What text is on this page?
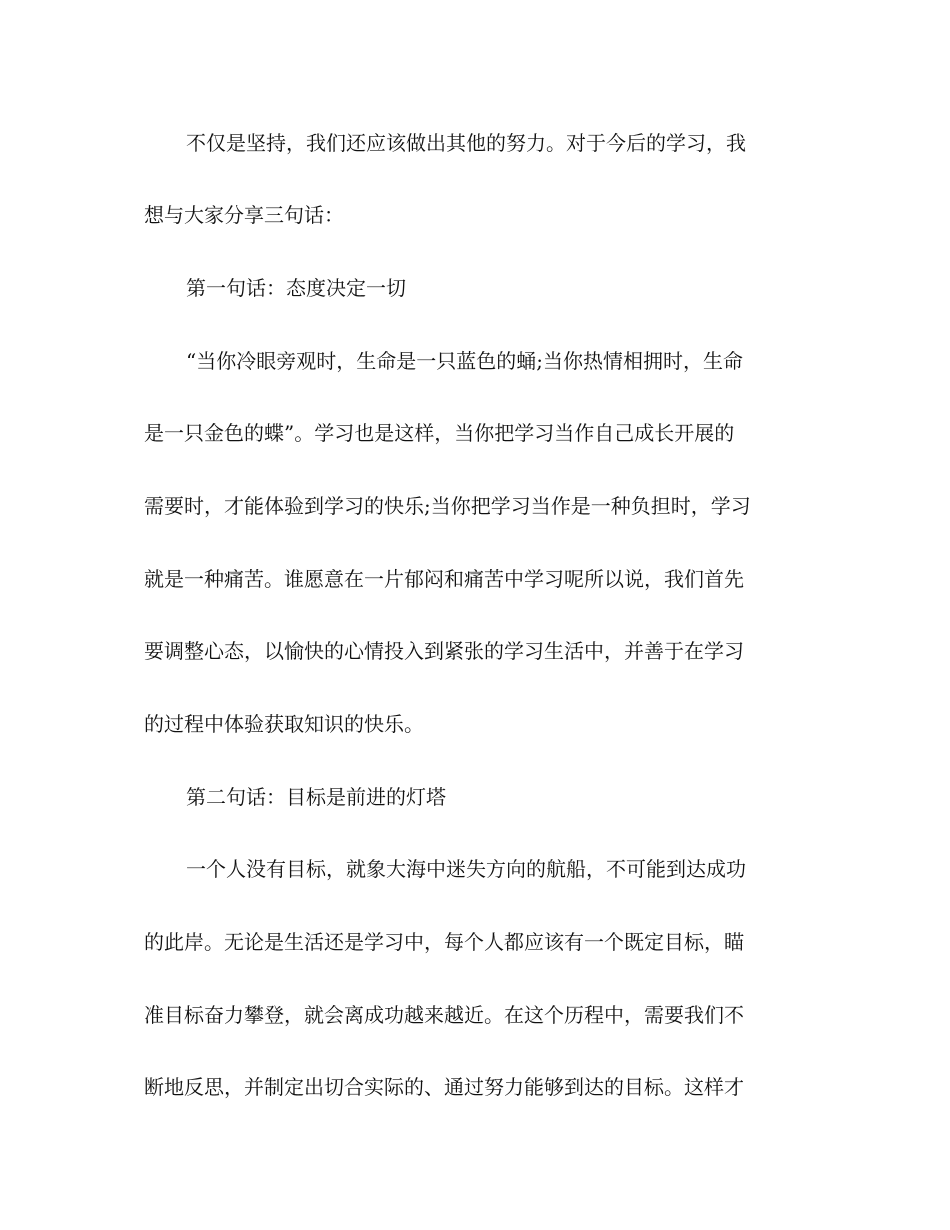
不仅是坚持，我们还应该做出其他的努力。对于今后的学习，我
想与大家分享三句话：
第一句话：态度决定一切
“当你冷眼旁观时，生命是一只蓝色的蛹;当你热情相拥时，生命
是一只金色的蝶”。学习也是这样，当你把学习当作自己成长开展的
需要时，才能体验到学习的快乐;当你把学习当作是一种负担时，学习
就是一种痛苦。谁愿意在一片郁闷和痛苦中学习呢所以说，我们首先
要调整心态，以愉快的心情投入到紧张的学习生活中，并善于在学习
的过程中体验获取知识的快乐。
第二句话：目标是前进的灯塔
一个人没有目标，就象大海中迷失方向的航船，不可能到达成功
的此岸。无论是生活还是学习中，每个人都应该有一个既定目标，瞄
准目标奋力攀登，就会离成功越来越近。在这个历程中，需要我们不
断地反思，并制定出切合实际的、通过努力能够到达的目标。这样才
